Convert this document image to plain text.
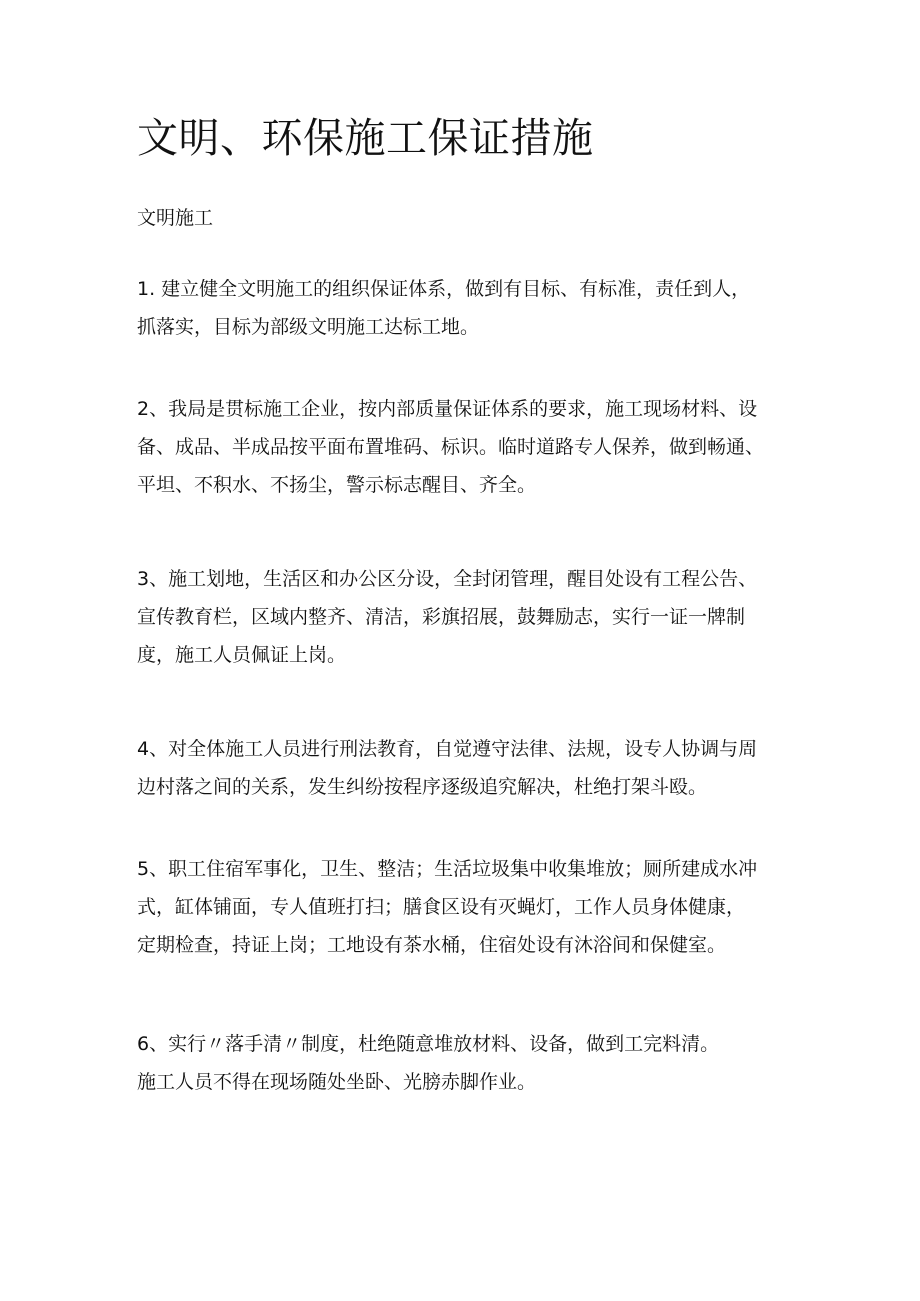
文明、环保施工保证措施
文明施工
1. 建立健全文明施工的组织保证体系，做到有目标、有标准，责任到人，
抓落实，目标为部级文明施工达标工地。
2、我局是贯标施工企业，按内部质量保证体系的要求，施工现场材料、设
备、成品、半成品按平面布置堆码、标识。临时道路专人保养，做到畅通、
平坦、不积水、不扬尘，警示标志醒目、齐全。
3、施工划地，生活区和办公区分设，全封闭管理，醒目处设有工程公告、
宣传教育栏，区域内整齐、清洁，彩旗招展，鼓舞励志，实行一证一牌制
度，施工人员佩证上岗。
4、对全体施工人员进行刑法教育，自觉遵守法律、法规，设专人协调与周
边村落之间的关系，发生纠纷按程序逐级追究解决，杜绝打架斗殴。
5、职工住宿军事化，卫生、整洁；生活垃圾集中收集堆放；厕所建成水冲
式，缸体铺面，专人值班打扫；膳食区设有灭蝇灯，工作人员身体健康，
定期检查，持证上岗；工地设有茶水桶，住宿处设有沐浴间和保健室。
6、实行〃落手清〃制度，杜绝随意堆放材料、设备，做到工完料清。
施工人员不得在现场随处坐卧、光膀赤脚作业。
